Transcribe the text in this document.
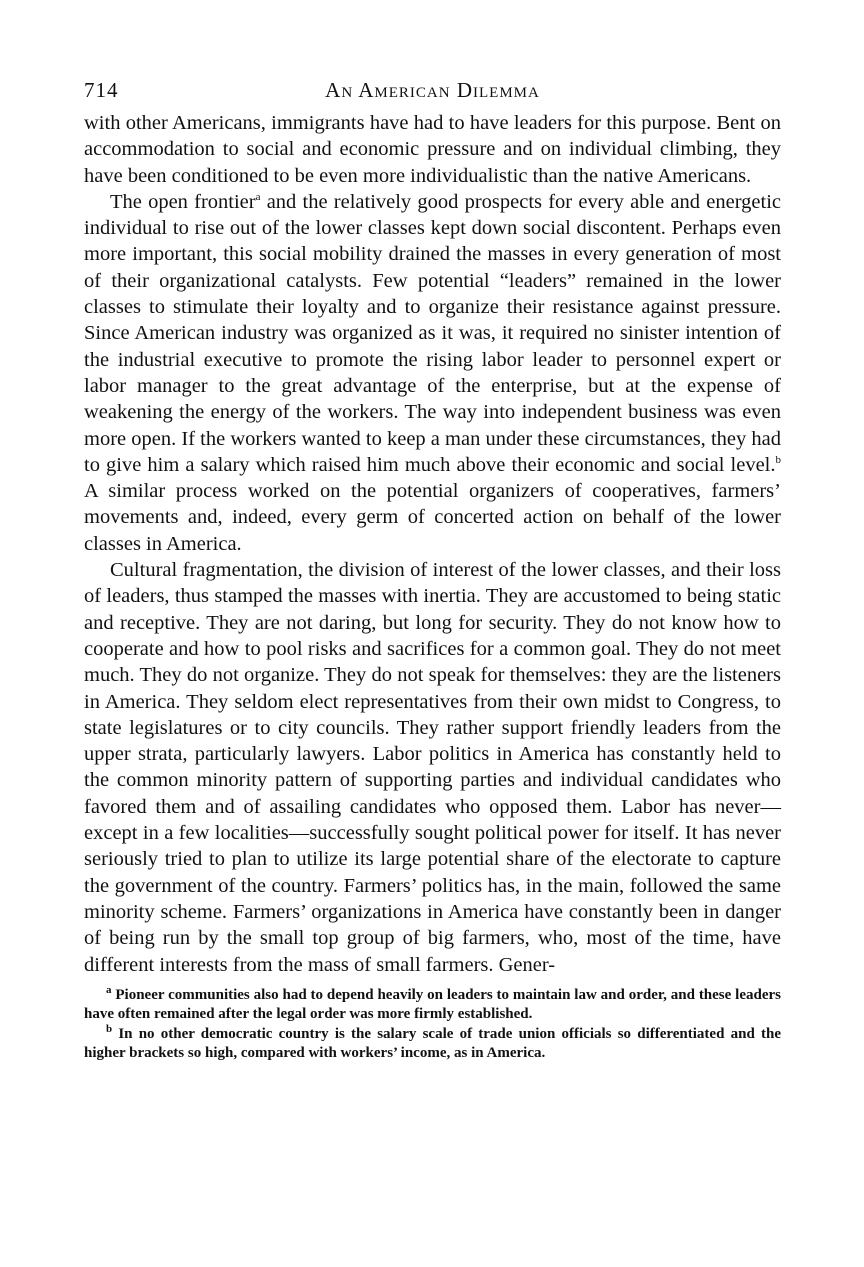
714	An American Dilemma

with other Americans, immigrants have had to have leaders for this purpose. Bent on accommodation to social and economic pressure and on individual climbing, they have been conditioned to be even more individualistic than the native Americans.

The open frontier$^a$ and the relatively good prospects for every able and energetic individual to rise out of the lower classes kept down social discontent. Perhaps even more important, this social mobility drained the masses in every generation of most of their organizational catalysts. Few potential “leaders” remained in the lower classes to stimulate their loyalty and to organize their resistance against pressure. Since American industry was organized as it was, it required no sinister intention of the industrial executive to promote the rising labor leader to personnel expert or labor manager to the great advantage of the enterprise, but at the expense of weakening the energy of the workers. The way into independent business was even more open. If the workers wanted to keep a man under these circumstances, they had to give him a salary which raised him much above their economic and social level.$^b$ A similar process worked on the potential organizers of cooperatives, farmers’ movements and, indeed, every germ of concerted action on behalf of the lower classes in America.

Cultural fragmentation, the division of interest of the lower classes, and their loss of leaders, thus stamped the masses with inertia. They are accustomed to being static and receptive. They are not daring, but long for security. They do not know how to cooperate and how to pool risks and sacrifices for a common goal. They do not meet much. They do not organize. They do not speak for themselves: they are the listeners in America. They seldom elect representatives from their own midst to Congress, to state legislatures or to city councils. They rather support friendly leaders from the upper strata, particularly lawyers. Labor politics in America has constantly held to the common minority pattern of supporting parties and individual candidates who favored them and of assailing candidates who opposed them. Labor has never—except in a few localities—successfully sought political power for itself. It has never seriously tried to plan to utilize its large potential share of the electorate to capture the government of the country. Farmers’ politics has, in the main, followed the same minority scheme. Farmers’ organizations in America have constantly been in danger of being run by the small top group of big farmers, who, most of the time, have different interests from the mass of small farmers. Gener-

$^a$ Pioneer communities also had to depend heavily on leaders to maintain law and order, and these leaders have often remained after the legal order was more firmly established.

$^b$ In no other democratic country is the salary scale of trade union officials so differentiated and the higher brackets so high, compared with workers’ income, as in America.
